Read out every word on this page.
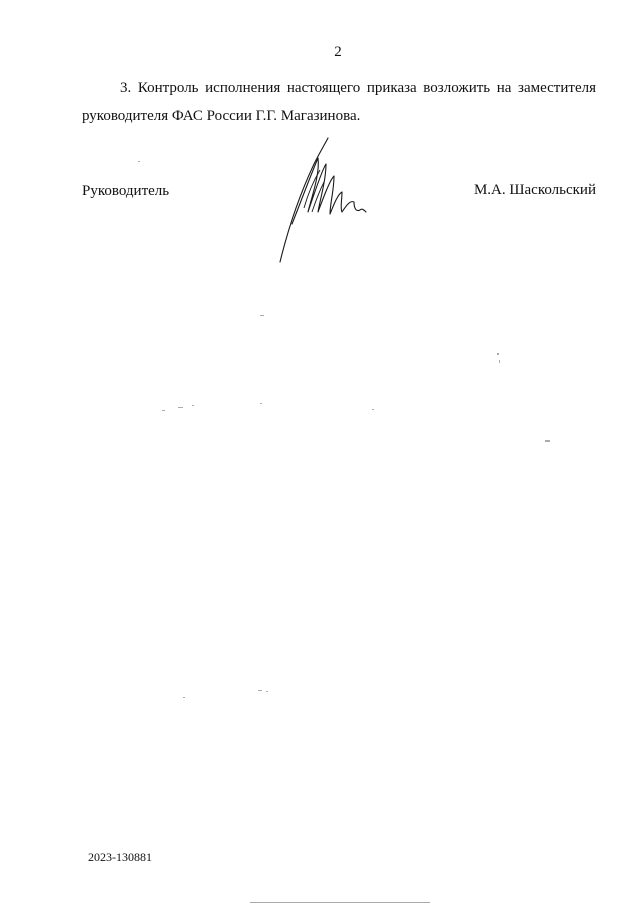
2
3. Контроль исполнения настоящего приказа возложить на заместителя
руководителя ФАС России Г.Г. Магазинова.
Руководитель	М.А. Шаскольский
2023-130881
